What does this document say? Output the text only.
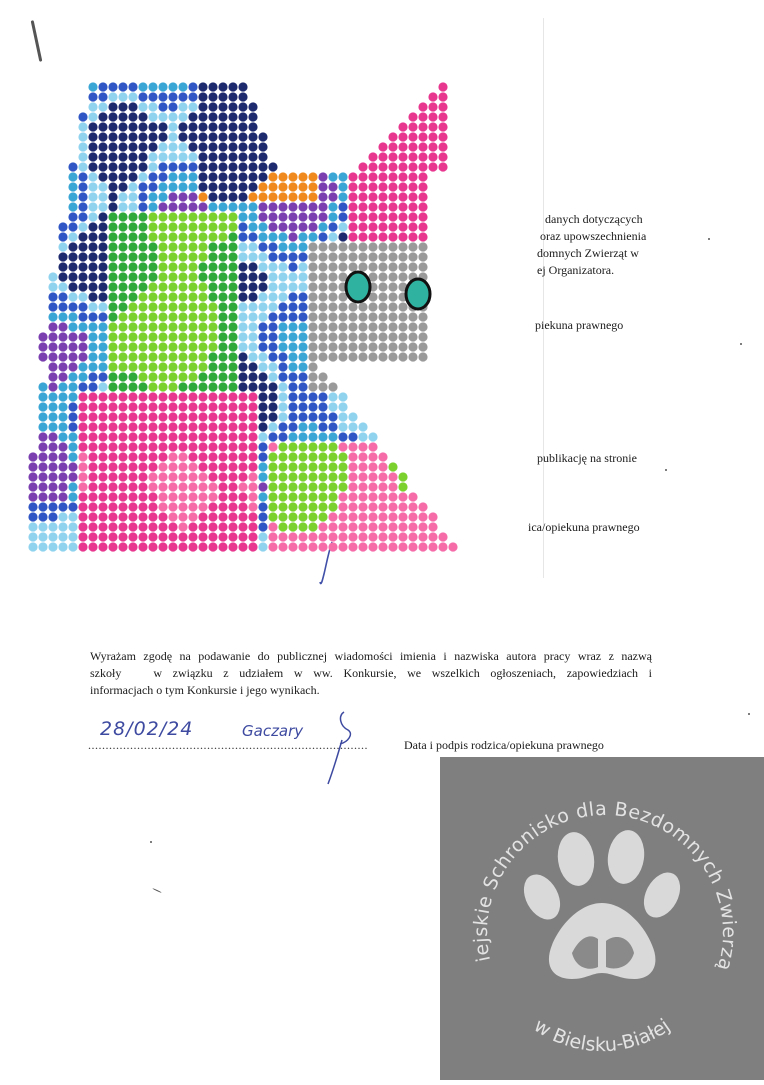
danych dotyczących
oraz upowszechnienia
domnych Zwierząt w
ej Organizatora.
piekuna prawnego
publikację na stronie
ica/opiekuna prawnego
Wyrażam zgodę na podawanie do publicznej wiadomości imienia i nazwiska autora pracy wraz z nazwą
szkoły   w związku z udziałem w ww. Konkursie, we wszelkich ogłoszeniach, zapowiedziach i
informacjach o tym Konkursie i jego wynikach.
................................................................................	Data i podpis rodzica/opiekuna prawnego
28/02/24	Gaczary
iejskie Schronisko dla Bezdomnych Zwierzą
w Bielsku-Białej
